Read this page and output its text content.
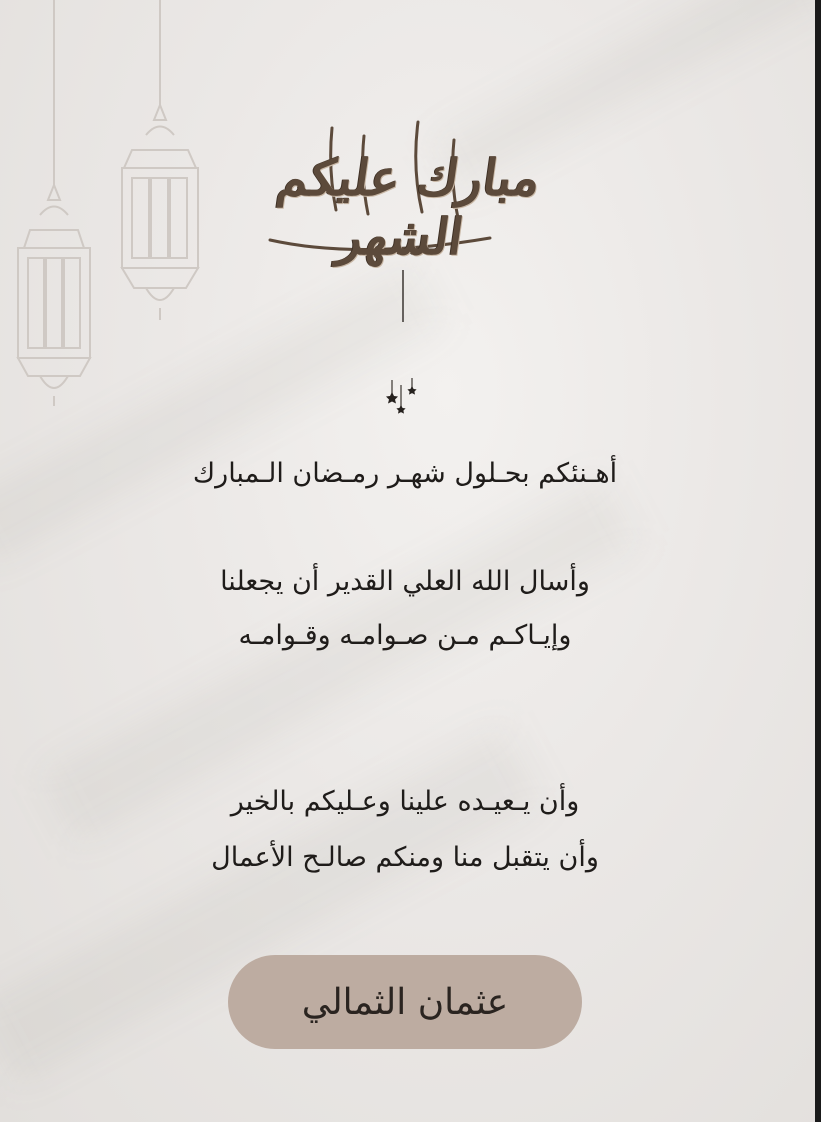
مبارك عليكم الشهر
أهـنئكم بحـلول شهـر رمـضان الـمبارك
وأسال الله العلي القدير أن يجعلنا
وإيـاكـم مـن صـوامـه وقـوامـه
وأن يـعيـده علينا وعـليكم بالخير
وأن يتقبل منا ومنكم صالـح الأعمال
عثمان الثمالي
